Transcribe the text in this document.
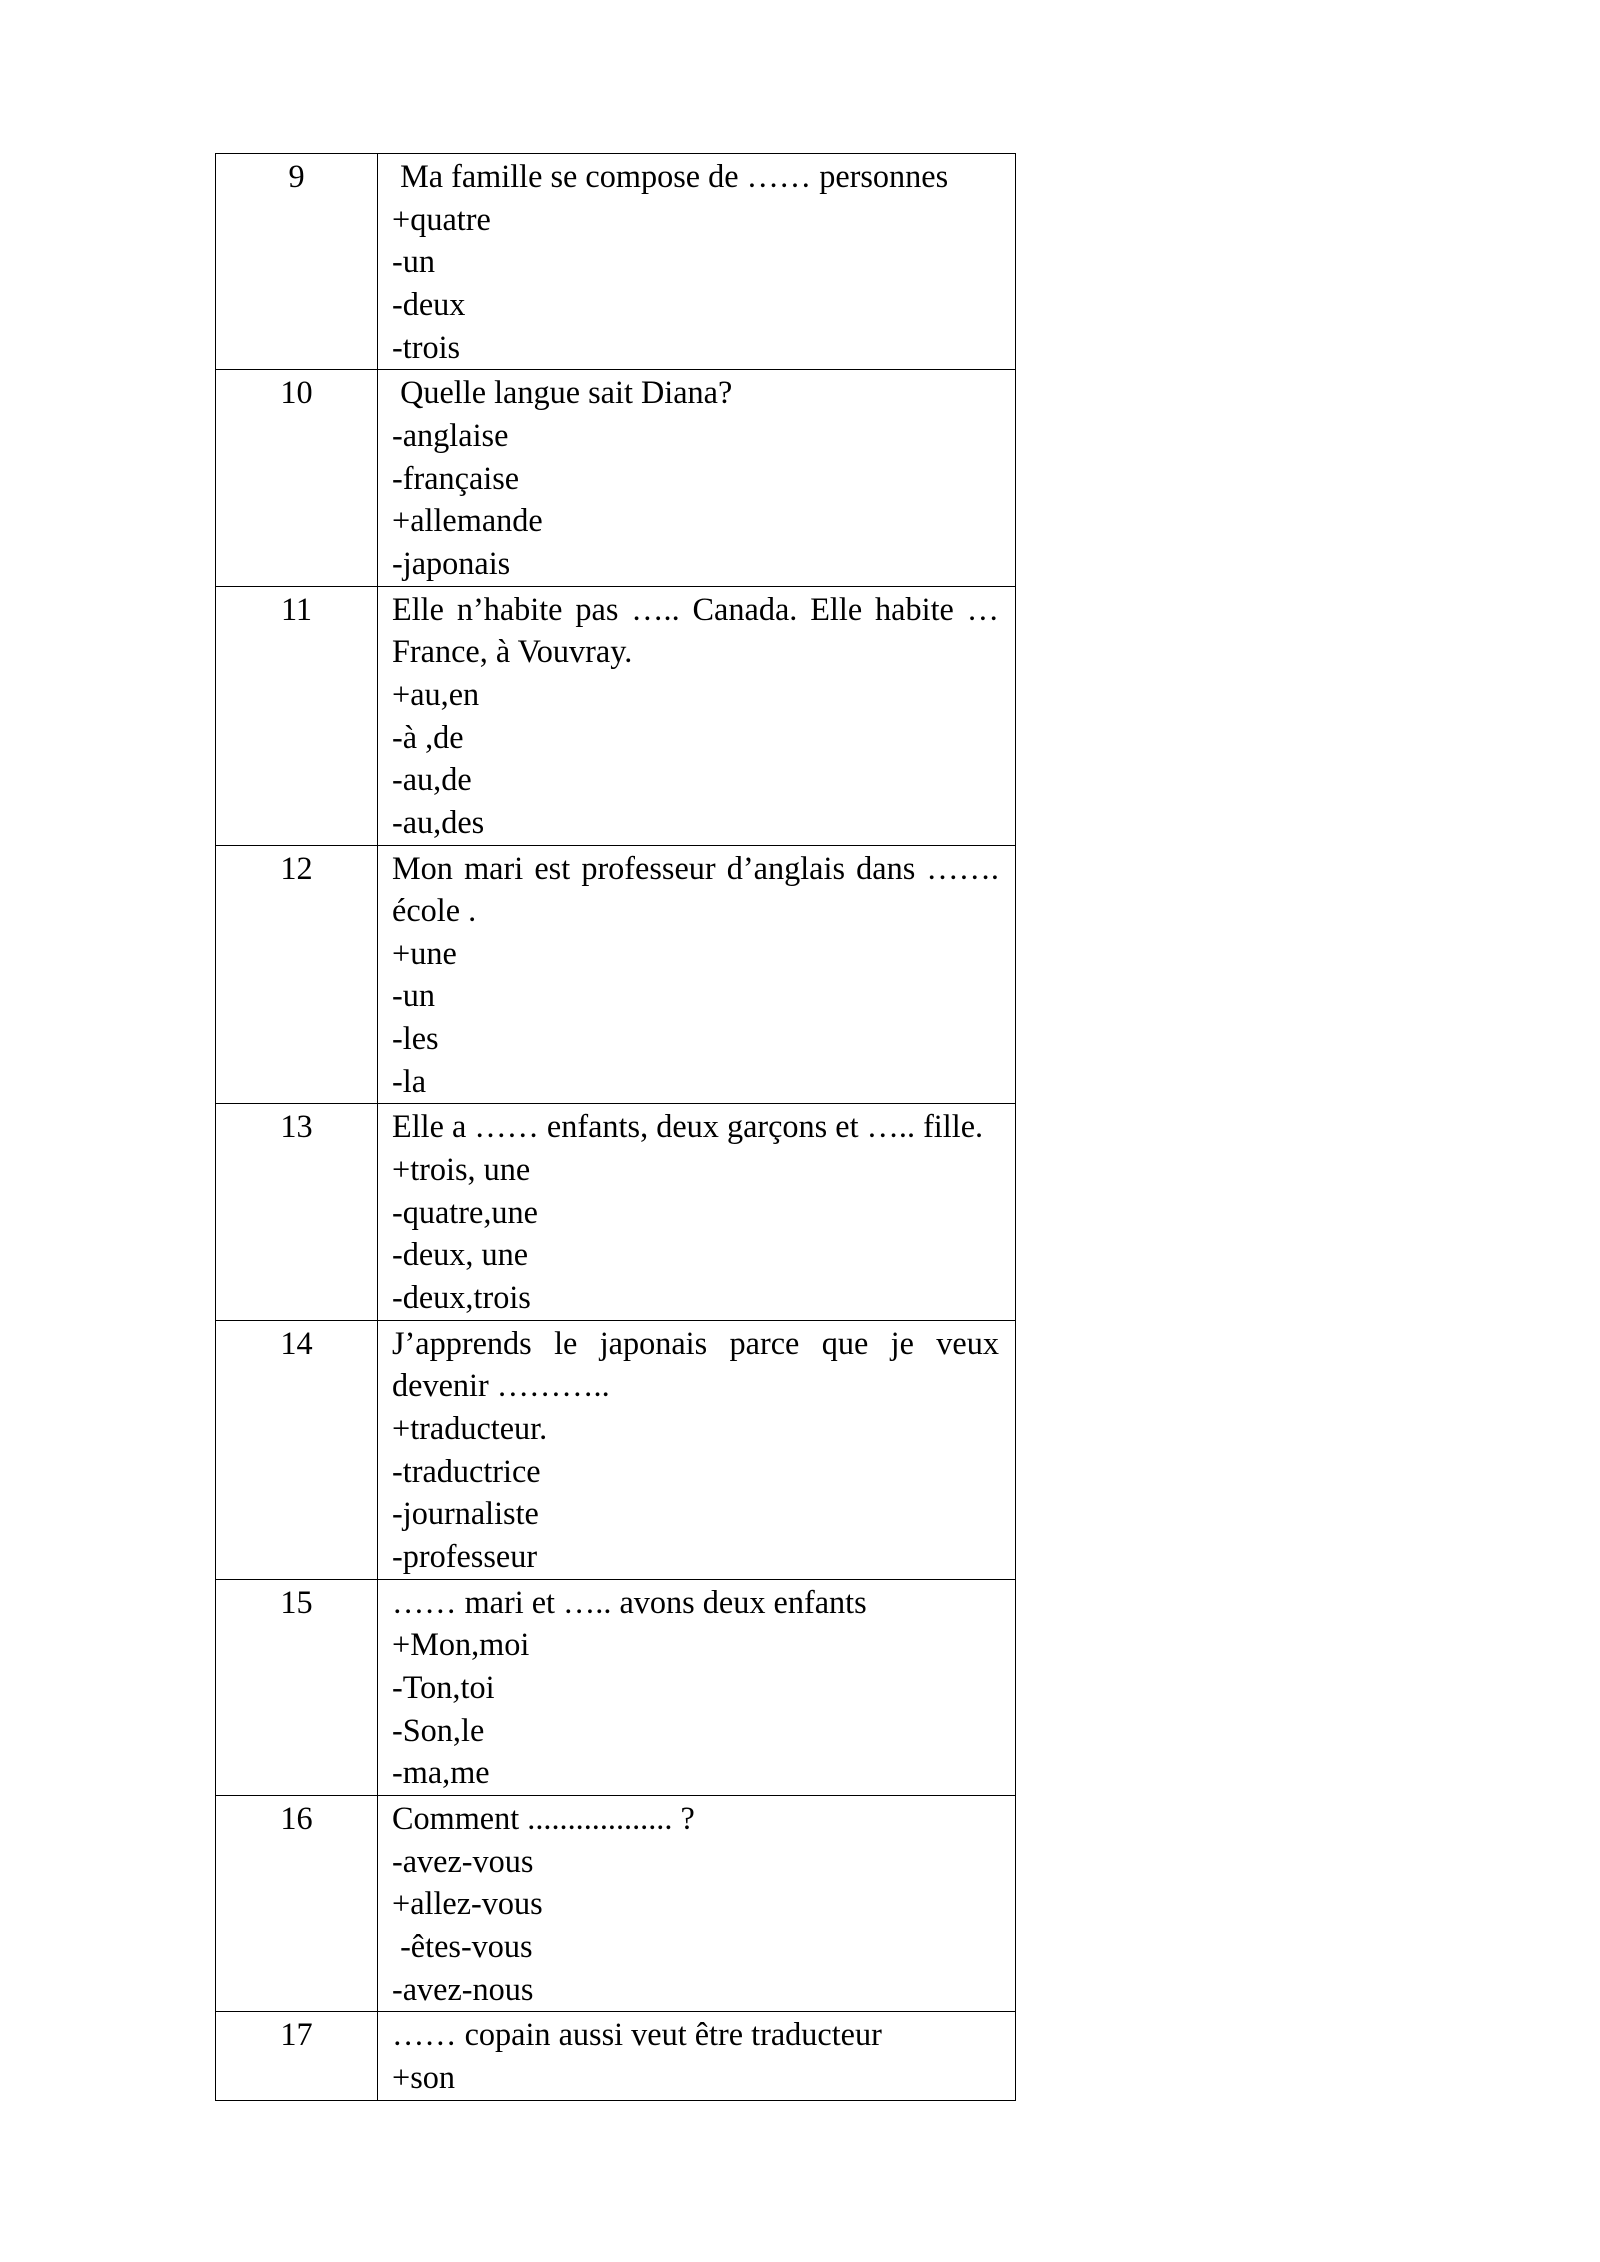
9	Ma famille se compose de …… personnes
+quatre
-un
-deux
-trois

10	Quelle langue sait Diana?
-anglaise
-française
+allemande
-japonais

11	Elle n’habite pas ….. Canada. Elle habite … France, à Vouvray.
+au,en
-à ,de
-au,de
-au,des

12	Mon mari est professeur d’anglais dans ……. école .
+une
-un
-les
-la

13	Elle a …… enfants, deux garçons et ….. fille.
+trois, une
-quatre,une
-deux, une
-deux,trois

14	J’apprends le japonais parce que je veux devenir ………..
+traducteur.
-traductrice
-journaliste
-professeur

15	…… mari et ….. avons deux enfants
+Mon,moi
-Ton,toi
-Son,le
-ma,me

16	Comment .................. ?
-avez-vous
+allez-vous
-êtes-vous
-avez-nous

17	…… copain aussi veut être traducteur
+son
